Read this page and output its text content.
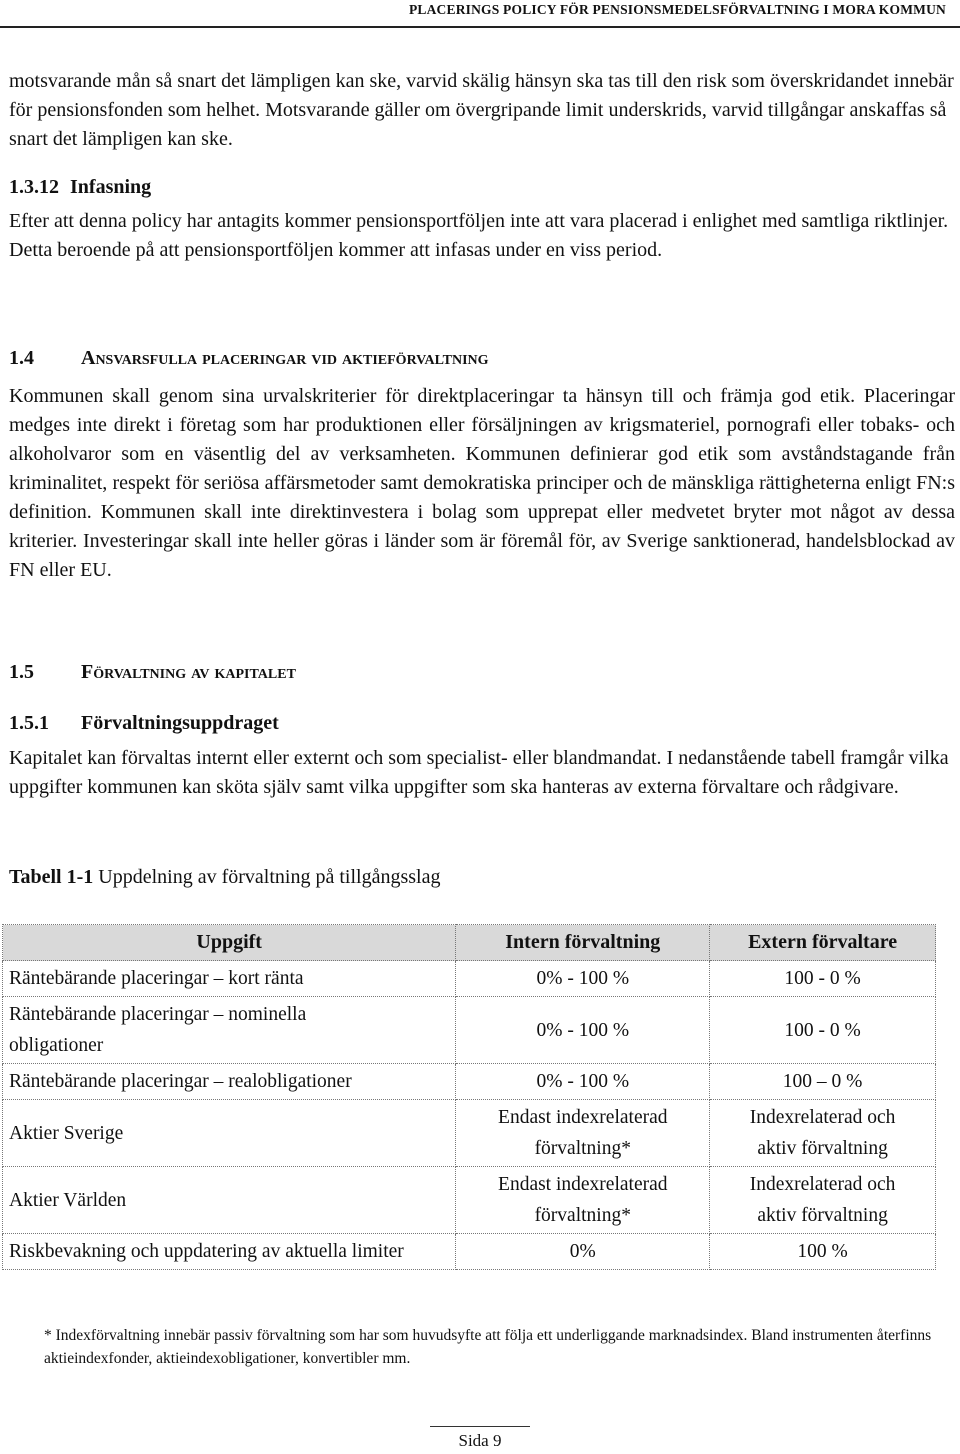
PLACERINGS POLICY FÖR PENSIONSMEDELSFÖRVALTNING I MORA KOMMUN
motsvarande mån så snart det lämpligen kan ske, varvid skälig hänsyn ska tas till den risk som överskridandet innebär för pensionsfonden som helhet. Motsvarande gäller om övergripande limit underskrids, varvid tillgångar anskaffas så snart det lämpligen kan ske.
1.3.12 Infasning
Efter att denna policy har antagits kommer pensionsportföljen inte att vara placerad i enlighet med samtliga riktlinjer. Detta beroende på att pensionsportföljen kommer att infasas under en viss period.
1.4 Ansvarsfulla placeringar vid aktieförvaltning
Kommunen skall genom sina urvalskriterier för direktplaceringar ta hänsyn till och främja god etik. Placeringar medges inte direkt i företag som har produktionen eller försäljningen av krigsmateriel, pornografi eller tobaks- och alkoholvaror som en väsentlig del av verksamheten. Kommunen definierar god etik som avståndstagande från kriminalitet, respekt för seriösa affärsmetoder samt demokratiska principer och de mänskliga rättigheterna enligt FN:s definition. Kommunen skall inte direktinvestera i bolag som upprepat eller medvetet bryter mot något av dessa kriterier. Investeringar skall inte heller göras i länder som är föremål för, av Sverige sanktionerad, handelsblockad av FN eller EU.
1.5 Förvaltning av kapitalet
1.5.1 Förvaltningsuppdraget
Kapitalet kan förvaltas internt eller externt och som specialist- eller blandmandat. I nedanstående tabell framgår vilka uppgifter kommunen kan sköta själv samt vilka uppgifter som ska hanteras av externa förvaltare och rådgivare.
Tabell 1-1 Uppdelning av förvaltning på tillgångsslag
Uppgift	Intern förvaltning	Extern förvaltare
Räntebärande placeringar – kort ränta	0% - 100 %	100 - 0 %
Räntebärande placeringar – nominella obligationer	0% - 100 %	100 - 0 %
Räntebärande placeringar – realobligationer	0% - 100 %	100 – 0 %
Aktier Sverige	Endast indexrelaterad förvaltning*	Indexrelaterad och aktiv förvaltning
Aktier Världen	Endast indexrelaterad förvaltning*	Indexrelaterad och aktiv förvaltning
Riskbevakning och uppdatering av aktuella limiter	0%	100 %
* Indexförvaltning innebär passiv förvaltning som har som huvudsyfte att följa ett underliggande marknadsindex. Bland instrumenten återfinns aktieindexfonder, aktieindexobligationer, konvertibler mm.
Sida 9
